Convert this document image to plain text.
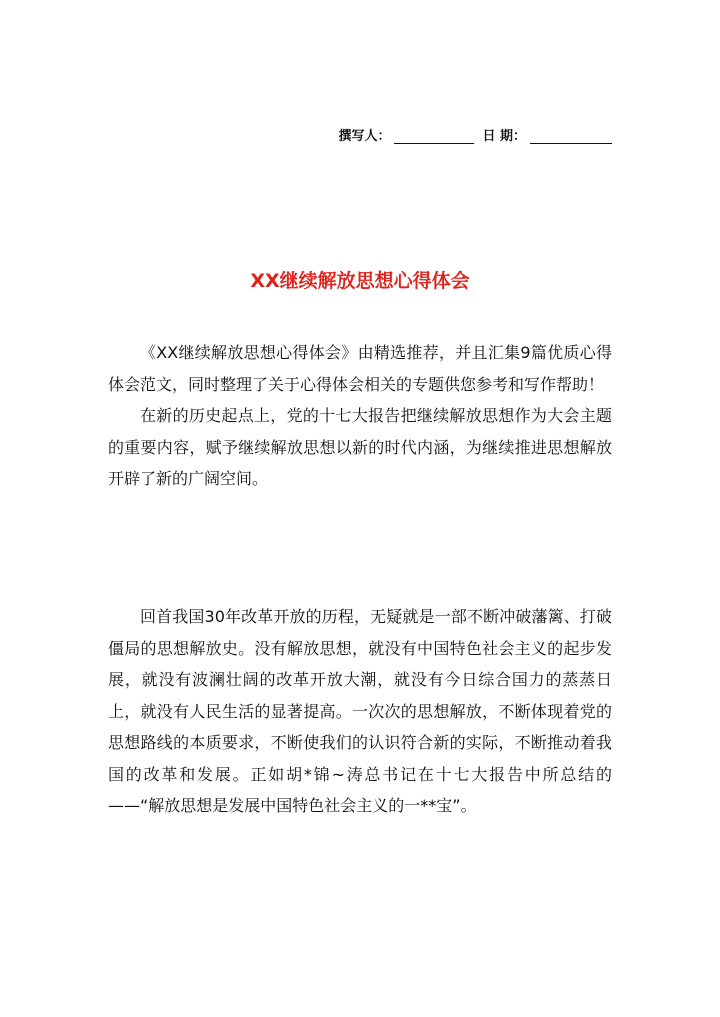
撰写人：	日 期：
XX继续解放思想心得体会

《XX继续解放思想心得体会》由精选推荐，并且汇集9篇优质心得体会范文，同时整理了关于心得体会相关的专题供您参考和写作帮助！

在新的历史起点上，党的十七大报告把继续解放思想作为大会主题的重要内容，赋予继续解放思想以新的时代内涵，为继续推进思想解放开辟了新的广阔空间。

回首我国30年改革开放的历程，无疑就是一部不断冲破藩篱、打破僵局的思想解放史。没有解放思想，就没有中国特色社会主义的起步发展，就没有波澜壮阔的改革开放大潮，就没有今日综合国力的蒸蒸日上，就没有人民生活的显著提高。一次次的思想解放，不断体现着党的思想路线的本质要求，不断使我们的认识符合新的实际，不断推动着我国的改革和发展。正如胡*锦~涛总书记在十七大报告中所总结的——“解放思想是发展中国特色社会主义的一**宝”。
